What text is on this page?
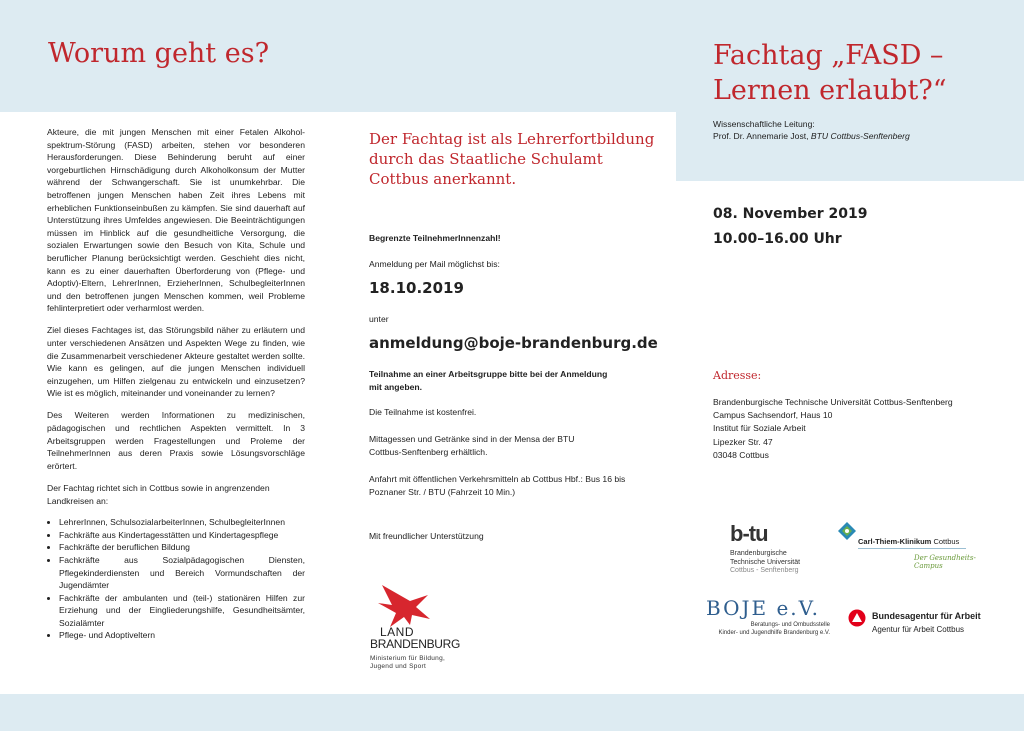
Worum geht es?

Akteure, die mit jungen Menschen mit einer Fetalen Alkohol-spektrum-Störung (FASD) arbeiten, stehen vor besonderen Herausforderungen. Diese Behinderung beruht auf einer vorgeburtlichen Hirnschädigung durch Alkoholkonsum der Mutter während der Schwangerschaft. Sie ist unumkehrbar. Die betroffenen jungen Menschen haben Zeit ihres Lebens mit erheblichen Funktionseinbußen zu kämpfen. Sie sind dauerhaft auf Unterstützung ihres Umfeldes angewiesen. Die Beeinträchtigungen müssen im Hinblick auf die gesundheitliche Versorgung, die sozialen Erwartungen sowie den Besuch von Kita, Schule und beruflicher Planung berücksichtigt werden. Geschieht dies nicht, kann es zu einer dauerhaften Überforderung von (Pflege- und Adoptiv)-Eltern, LehrerInnen, ErzieherInnen, SchulbegleiterInnen und den betroffenen jungen Menschen kommen, weil Probleme fehlinterpretiert oder verharmlost werden.

Ziel dieses Fachtages ist, das Störungsbild näher zu erläutern und unter verschiedenen Ansätzen und Aspekten Wege zu finden, wie die Zusammenarbeit verschiedener Akteure gestaltet werden sollte. Wie kann es gelingen, auf die jungen Menschen individuell einzugehen, um Hilfen zielgenau zu entwickeln und einzusetzen? Wie ist es möglich, miteinander und voneinander zu lernen?

Des Weiteren werden Informationen zu medizinischen, pädagogischen und rechtlichen Aspekten vermittelt. In 3 Arbeitsgruppen werden Fragestellungen und Proleme der TeilnehmerInnen aus deren Praxis sowie Lösungsvorschläge erörtert.

Der Fachtag richtet sich in Cottbus sowie in angrenzenden Landkreisen an:

• LehrerInnen, SchulsozialarbeiterInnen, SchulbegleiterInnen
• Fachkräfte aus Kindertagesstätten und Kindertagespflege
• Fachkräfte der beruflichen Bildung
• Fachkräfte aus Sozialpädagogischen Diensten, Pflegekinderdiensten und Bereich Vormundschaften der Jugendämter
• Fachkräfte der ambulanten und (teil-) stationären Hilfen zur Erziehung und der Eingliederungshilfe, Gesundheitsämter, Sozialämter
• Pflege- und Adoptiveltern
Der Fachtag ist als Lehrerfortbildung durch das Staatliche Schulamt Cottbus anerkannt.
Begrenzte TeilnehmerInnenzahl!
Anmeldung per Mail möglichst bis:
18.10.2019
unter
anmeldung@boje-brandenburg.de
Teilnahme an einer Arbeitsgruppe bitte bei der Anmeldung mit angeben.
Die Teilnahme ist kostenfrei.
Mittagessen und Getränke sind in der Mensa der BTU Cottbus-Senftenberg erhältlich.
Anfahrt mit öffentlichen Verkehrsmitteln ab Cottbus Hbf.: Bus 16 bis Poznaner Str. / BTU (Fahrzeit 10 Min.)
Mit freundlicher Unterstützung
LAND
BRANDENBURG
Ministerium für Bildung, Jugend und Sport
Fachtag „FASD – Lernen erlaubt?“
Wissenschaftliche Leitung:
Prof. Dr. Annemarie Jost, BTU Cottbus-Senftenberg
08. November 2019
10.00–16.00 Uhr
Adresse:
Brandenburgische Technische Universität Cottbus-Senftenberg
Campus Sachsendorf, Haus 10
Institut für Soziale Arbeit
Lipezker Str. 47
03048 Cottbus
b-tu
Brandenburgische
Technische Universität
Cottbus - Senftenberg
Carl-Thiem-Klinikum Cottbus
Der Gesundheits-Campus
BOJE e.V.
Beratungs- und Ombudsstelle
Kinder- und Jugendhilfe Brandenburg e.V.
Bundesagentur für Arbeit
Agentur für Arbeit Cottbus
